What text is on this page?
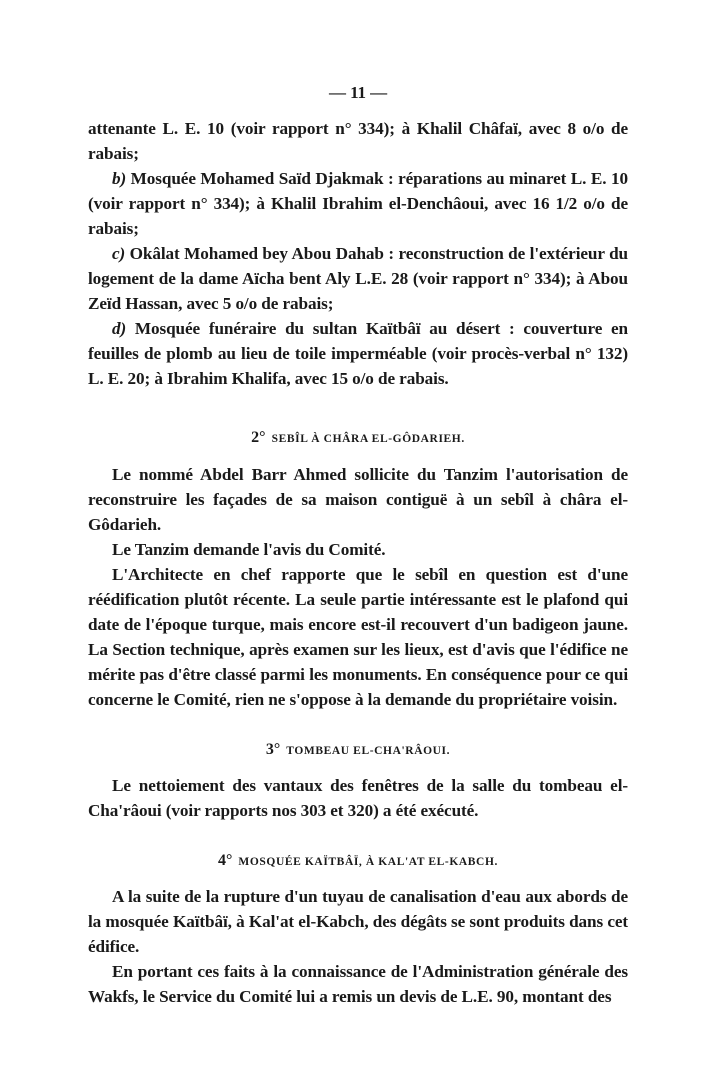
— 11 —

attenante L. E. 10 (voir rapport n° 334); à Khalil Châfaï, avec 8 o/o de rabais;

b) Mosquée Mohamed Saïd Djakmak : réparations au minaret L. E. 10 (voir rapport n° 334); à Khalil Ibrahim el-Denchâoui, avec 16 1/2 o/o de rabais;

c) Okâlat Mohamed bey Abou Dahab : reconstruction de l'extérieur du logement de la dame Aïcha bent Aly L.E. 28 (voir rapport n° 334); à Abou Zeïd Hassan, avec 5 o/o de rabais;

d) Mosquée funéraire du sultan Kaïtbâï au désert : couverture en feuilles de plomb au lieu de toile imperméable (voir procès-verbal n° 132) L. E. 20; à Ibrahim Khalifa, avec 15 o/o de rabais.

2° SEBÎL À CHÂRA EL-GÔDARIEH.

Le nommé Abdel Barr Ahmed sollicite du Tanzim l'autorisation de reconstruire les façades de sa maison contiguë à un sebîl à châra el-Gôdarieh.

Le Tanzim demande l'avis du Comité.

L'Architecte en chef rapporte que le sebîl en question est d'une réédification plutôt récente. La seule partie intéressante est le plafond qui date de l'époque turque, mais encore est-il recouvert d'un badigeon jaune. La Section technique, après examen sur les lieux, est d'avis que l'édifice ne mérite pas d'être classé parmi les monuments. En conséquence pour ce qui concerne le Comité, rien ne s'oppose à la demande du propriétaire voisin.

3° TOMBEAU EL-CHA'RÂOUI.

Le nettoiement des vantaux des fenêtres de la salle du tombeau el-Cha'râoui (voir rapports nos 303 et 320) a été exécuté.

4° MOSQUÉE KAÏTBÂÏ, À KAL'AT EL-KABCH.

A la suite de la rupture d'un tuyau de canalisation d'eau aux abords de la mosquée Kaïtbâï, à Kal'at el-Kabch, des dégâts se sont produits dans cet édifice.

En portant ces faits à la connaissance de l'Administration générale des Wakfs, le Service du Comité lui a remis un devis de L.E. 90, montant des
